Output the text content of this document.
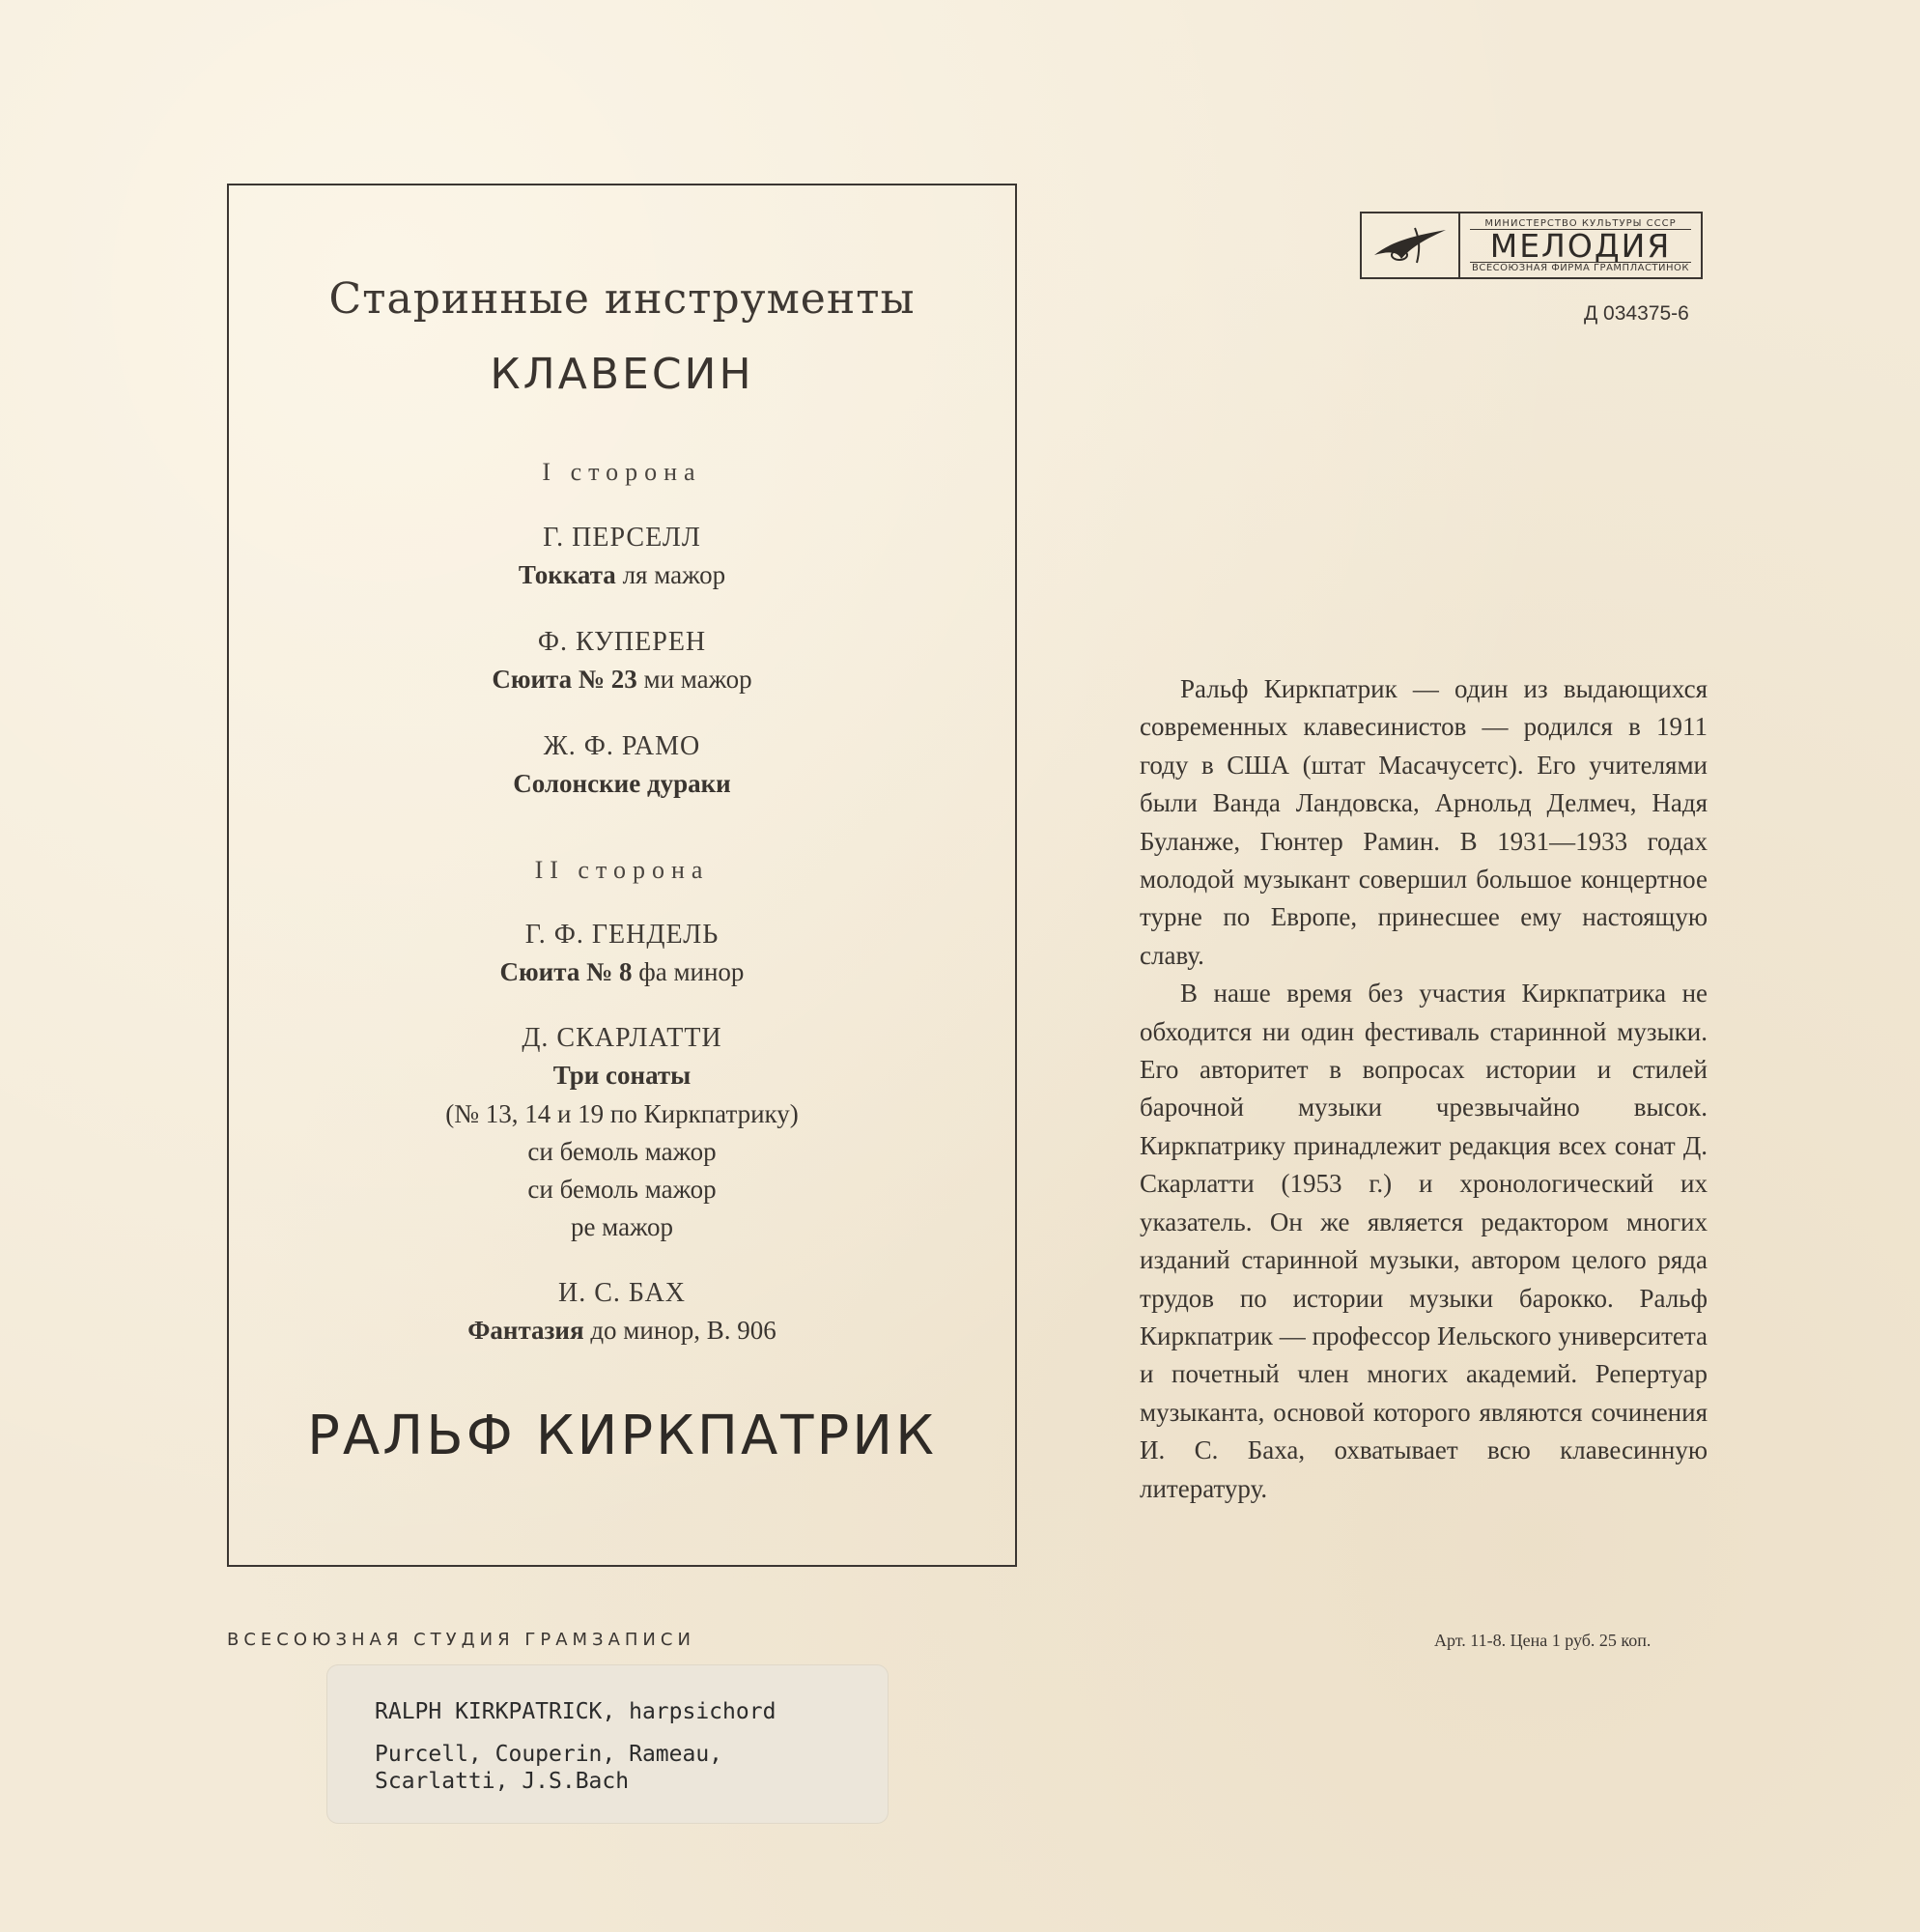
Старинные инструменты
КЛАВЕСИН
I сторона
Г. ПЕРСЕЛЛ
Токката ля мажор
Ф. КУПЕРЕН
Сюита № 23 ми мажор
Ж. Ф. РАМО
Солонские дураки
II сторона
Г. Ф. ГЕНДЕЛЬ
Сюита № 8 фа минор
Д. СКАРЛАТТИ
Три сонаты
(№ 13, 14 и 19 по Киркпатрику)
си бемоль мажор
си бемоль мажор
ре мажор
И. С. БАХ
Фантазия до минор, В. 906
РАЛЬФ КИРКПАТРИК
МИНИСТЕРСТВО КУЛЬТУРЫ СССР
МЕЛОДИЯ
ВСЕСОЮЗНАЯ ФИРМА ГРАМПЛАСТИНОК
Д 034375-6

Ральф Киркпатрик — один из выдающихся современных клавесинистов — родился в 1911 году в США (штат Масачусетс). Его учителями были Ванда Ландовска, Арнольд Делмеч, Надя Буланже, Гюнтер Рамин. В 1931—1933 годах молодой музыкант совершил большое концертное турне по Европе, принесшее ему настоящую славу.

В наше время без участия Киркпатрика не обходится ни один фестиваль старинной музыки. Его авторитет в вопросах истории и стилей барочной музыки чрезвычайно высок. Киркпатрику принадлежит редакция всех сонат Д. Скарлатти (1953 г.) и хронологический их указатель. Он же является редактором многих изданий старинной музыки, автором целого ряда трудов по истории музыки барокко. Ральф Киркпатрик — профессор Иельского университета и почетный член многих академий. Репертуар музыканта, основой которого являются сочинения И. С. Баха, охватывает всю клавесинную литературу.

ВСЕСОЮЗНАЯ СТУДИЯ ГРАМЗАПИСИ	Арт. 11-8. Цена 1 руб. 25 коп.
RALPH KIRKPATRICK, harpsichord
Purcell, Couperin, Rameau,
Scarlatti, J.S.Bach
